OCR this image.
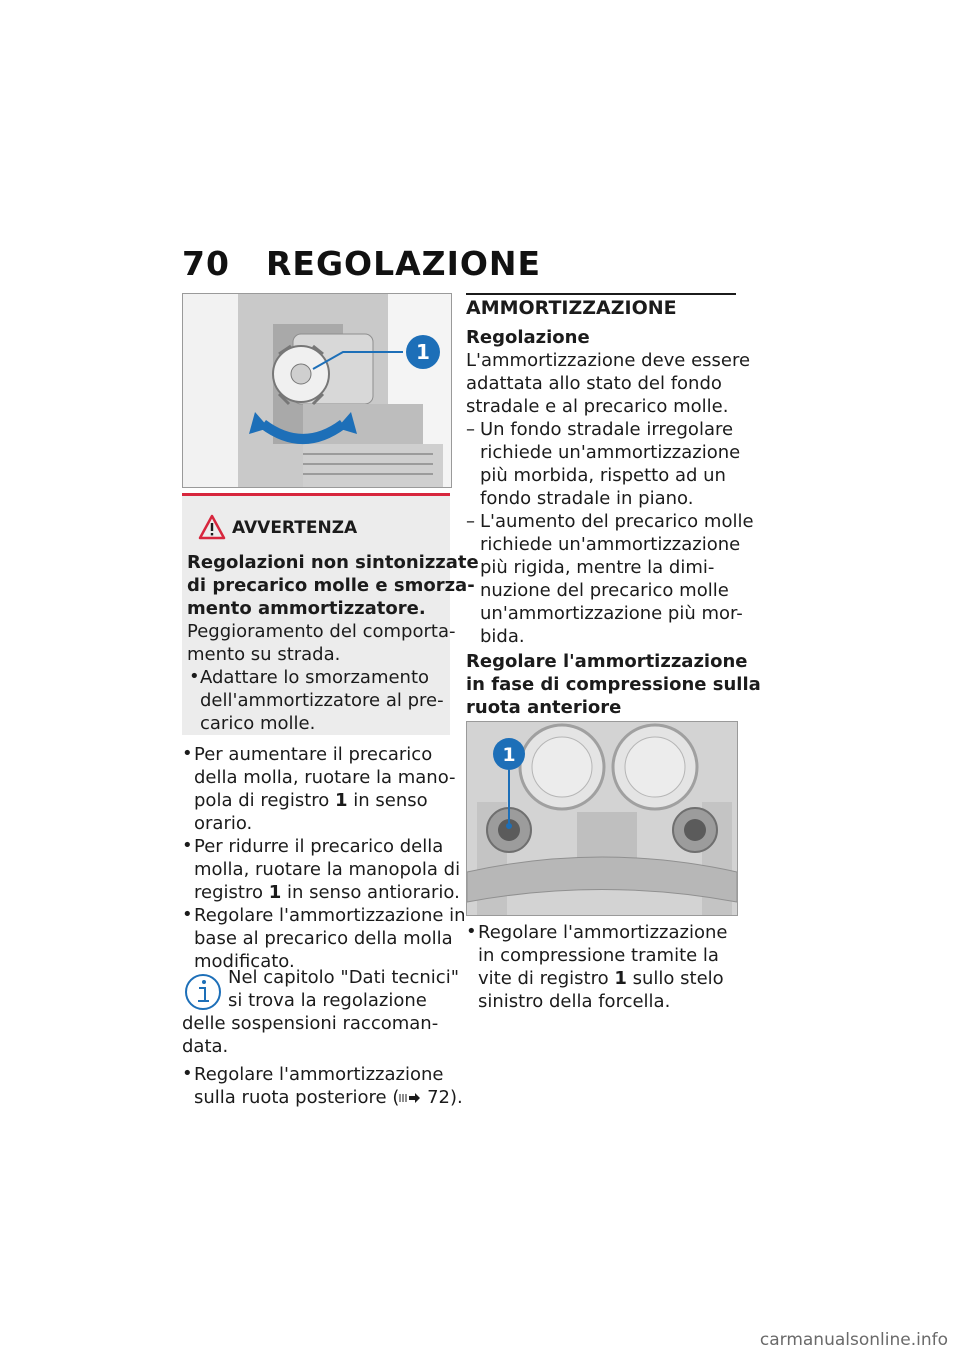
70 REGOLAZIONE
1
AVVERTENZA
Regolazioni non sintonizzate
di precarico molle e smorza-
mento ammortizzatore.
Peggioramento del comporta-
mento su strada.
• Adattare lo smorzamento
dell'ammortizzatore al pre-
carico molle.
• Per aumentare il precarico
della molla, ruotare la mano-
pola di registro 1 in senso
orario.
• Per ridurre il precarico della
molla, ruotare la manopola di
registro 1 in senso antiorario.
• Regolare l'ammortizzazione in
base al precarico della molla
modificato.
Nel capitolo "Dati tecnici"
si trova la regolazione
delle sospensioni raccoman-
data.
• Regolare l'ammortizzazione
sulla ruota posteriore ( 72).
AMMORTIZZAZIONE
Regolazione
L'ammortizzazione deve essere
adattata allo stato del fondo
stradale e al precarico molle.
– Un fondo stradale irregolare
richiede un'ammortizzazione
più morbida, rispetto ad un
fondo stradale in piano.
– L'aumento del precarico molle
richiede un'ammortizzazione
più rigida, mentre la dimi-
nuzione del precarico molle
un'ammortizzazione più mor-
bida.
Regolare l'ammortizzazione
in fase di compressione sulla
ruota anteriore
1
• Regolare l'ammortizzazione
in compressione tramite la
vite di registro 1 sullo stelo
sinistro della forcella.
carmanualsonline.info
